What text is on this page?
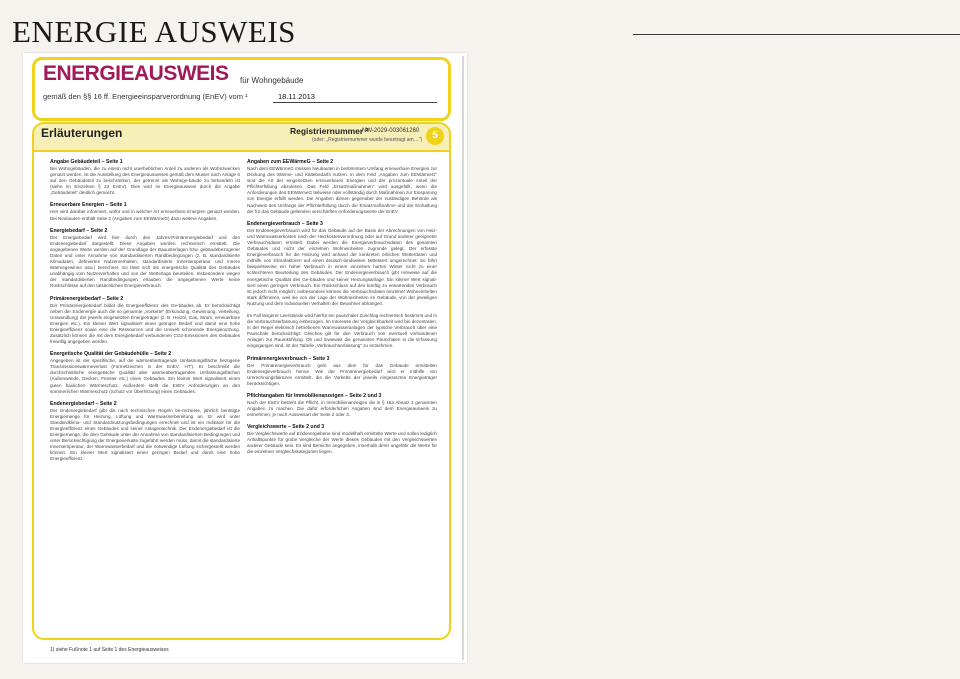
ENERGIE AUSWEIS
ENERGIEAUSWEIS für Wohngebäude
gemäß den §§ 16 ff. Energieeinsparverordnung (EnEV) vom ¹	18.11.2013
Erläuterungen	Registriernummer ²
NW-2029-003061260
(oder: „Registriernummer wurde beantragt am…")	5
Angabe Gebäudeteil – Seite 1
Bei Wohngebäuden, die zu einem nicht unerheblichen Anteil zu anderen als Wohnzwecken genutzt werden, ist die Ausstellung des Energieausweises gemäß dem Muster nach Anlage 6 auf den Gebäudeteil zu beschränken, der getrennt als Wohnge-bäude zu behandeln ist (siehe im Einzelnen § 22 EnEV). Dies wird im Energieausweis durch die Angabe „Gebäudeteil" deutlich gemacht.
Erneuerbare Energien – Seite 1
Hier wird darüber informiert, wofür und in welcher Art erneuerbare Energien genutzt werden. Bei Neubauten enthält Seite 2 (Angaben zum EEWärmeG) dazu weitere Angaben.
Energiebedarf – Seite 2
Der Energiebedarf wird hier durch den Jahres-Primärenergiebedarf und den Endenergiebedarf dargestellt. Diese Angaben werden rechnerisch ermittelt. Die angegebenen Werte werden auf der Grundlage der Bauunterlagen bzw. gebäudebezogener Daten und unter Annahme von standardisierten Randbedingungen (z. B. standardisierte Klimadaten, definiertes Nutzerverhalten, standardisierte Innentemperatur und innere Wärmegewinne usw.) berechnet. So lässt sich die energetische Qualität des Gebäudes unabhängig vom Nutzerverhalten und von der Wetterlage beurteilen. Insbesondere wegen der standardisierten Randbedingungen erlauben die angegebenen Werte keine Rückschlüsse auf den tatsächlichen Energieverbrauch.
Primärenergiebedarf – Seite 2
Der Primärenergiebedarf bildet die Energieeffizienz des Ge-bäudes ab. Er berücksichtigt neben der Endenergie auch die so genannte „Vorkette" (Erkundung, Gewinnung, Verteilung, Umwandlung) der jeweils eingesetzten Energieträger (z. B. Heizöl, Gas, Strom, erneuerbare Energien etc.). Ein kleiner Wert signalisiert einen geringen Bedarf und damit eine hohe Energieeffizienz sowie eine die Ressourcen und die Umwelt schonende Energienutzung. Zusätzlich können die mit dem Energiebedarf verbundenen CO2-Emissionen des Gebäudes freiwillig angegeben werden.
Energetische Qualität der Gebäudehülle – Seite 2
Angegeben ist der spezifische, auf die wärmeübertragende Umfassungsfläche bezogene Transmissionswärmeverlust (Formelzeichen in der EnEV: HT'). Er beschreibt die durchschnittliche energetische Qualität aller wärmeübertragenden Umfassungsflächen (Außenwände, Decken, Fenster etc.) eines Gebäudes. Ein kleiner Wert signalisiert einen guten baulichen Wärmeschutz. Außerdem stellt die EnEV Anforderungen an den sommerlichen Wärmeschutz (Schutz vor Überhitzung) eines Gebäudes.
Endenergiebedarf – Seite 2
Der Endenergiebedarf gibt die nach technischen Regeln be-rechnete, jährlich benötigte Energiemenge für Heizung, Lüftung und Warmwasserbereitung an. Er wird unter Standardklima- und Standardnutzungsbedingungen errechnet und ist ein Indikator für die Energieeffizienz eines Gebäudes und seiner Anlagentechnik. Der Endenergiebedarf ist die Energiemenge, die dem Gebäude unter der Annahme von standardisierten Bedingungen und unter Berücksichtigung der Energieverluste zugeführt werden muss, damit die standardisierte Innentemperatur, der Warmwasserbedarf und die notwendige Lüftung sichergestellt werden können. Ein kleiner Wert signalisiert einen geringen Bedarf und damit eine hohe Energieeffizienz.
Angaben zum EEWärmeG – Seite 2
Nach dem EEWärmeG müssen Neubauten in bestimmtem Umfang erneuerbare Energien zur Deckung des Wärme- und Kältebedarfs nutzen. In dem Feld „Angaben zum EEWärmeG" sind die Art der eingesetzten erneuerbaren Energien und der prozentuale Anteil der Pflichterfüllung abzulesen. Das Feld „Ersatzmaßnahmen" wird ausgefüllt, wenn die Anforderungen des EEWärmeG teilweise oder vollständig durch Maßnahmen zur Einsparung von Energie erfüllt werden. Die Angaben dienen gegenüber der zuständigen Behörde als Nachweis des Umfangs der Pflichterfüllung durch die Ersatzmaßnahme und der Einhaltung der für das Gebäude geltenden verschärften Anforderungswerte der EnEV.
Endenergieverbrauch – Seite 3
Der Endenergieverbrauch wird für das Gebäude auf der Basis der Abrechnungen von Heiz- und Warmwasserkosten nach der Heizkostenverordnung oder auf Grund anderer geeigneter Verbrauchsdaten ermittelt. Dabei werden die Energieverbrauchsdaten des gesamten Gebäudes und nicht der einzelnen Wohneinheiten zugrunde gelegt. Der erfasste Energieverbrauch für die Heizung wird anhand der konkreten örtlichen Wetterdaten und mithilfe von Klimafaktoren auf einen deutsch-landweiten Mittelwert umgerechnet. So führt beispielsweise ein hoher Verbrauch in einem einzelnen harten Winter nicht zu einer schlechteren Beurteilung des Gebäudes. Der Endenergieverbrauch gibt Hinweise auf die energetische Qualität des Ge-bäudes und seiner Heizungsanlage. Ein kleiner Wert signali-siert einen geringen Verbrauch. Ein Rückschluss auf den künftig zu erwartenden Verbrauch ist jedoch nicht möglich; insbesondere können die Verbrauchsdaten einzelner Wohneinheiten stark differieren, weil sie von der Lage der Wohneinheiten im Gebäude, von der jeweiligen Nutzung und dem individuellen Verhalten der Bewohner abhängen.
Im Fall längerer Leerstände wird hierfür ein pauschaler Zuschlag rechnerisch bestimmt und in die Verbrauchserfassung einbezogen. Im Interesse der Vergleichbarkeit wird bei dezentralen, in der Regel elektrisch betriebenen Warmwasseranlagen der typische Verbrauch über eine Pauschale berücksichtigt: Gleiches gilt für den Verbrauch von eventuell vorhandenen Anlagen zur Raumkühlung. Ob und inwieweit die genannten Pauschalen in die Erfassung eingegangen sind, ist der Tabelle „Verbrauchserfassung" zu entnehmen.
Primärenergieverbrauch – Seite 3
Der Primärenergieverbrauch geht aus dem für das Gebäude ermittelten Endenergieverbrauch hervor. Wie der Primärenergiebedarf wird er mithilfe von Umrechnungsfaktoren ermittelt, die die Vorkette der jeweils eingesetzten Energieträger berücksichtigen.
Pflichtangaben für Immobilienanzeigen – Seite 2 und 3
Nach der EnEV besteht die Pflicht, in Immobilienanzeigen die in § 16a Absatz 1 genannten Angaben zu machen. Die dafür erforderlichen Angaben sind dem Energieausweis zu entnehmen, je nach Ausweisart der Seite 2 oder 3.
Vergleichswerte – Seite 2 und 3
Die Vergleichswerte auf Endenergiebene sind modellhaft ermittelte Werte und sollen lediglich Anhaltspunkte für grobe Vergleiche der Werte dieses Gebäudes mit den Vergleichswerten anderer Gebäude sein. Es sind Bereiche angegeben, innerhalb derer ungefähr die Werte für die einzelnen Vergleichskategorien liegen.
1) siehe Fußnote 1 auf Seite 1 des Energieausweises
